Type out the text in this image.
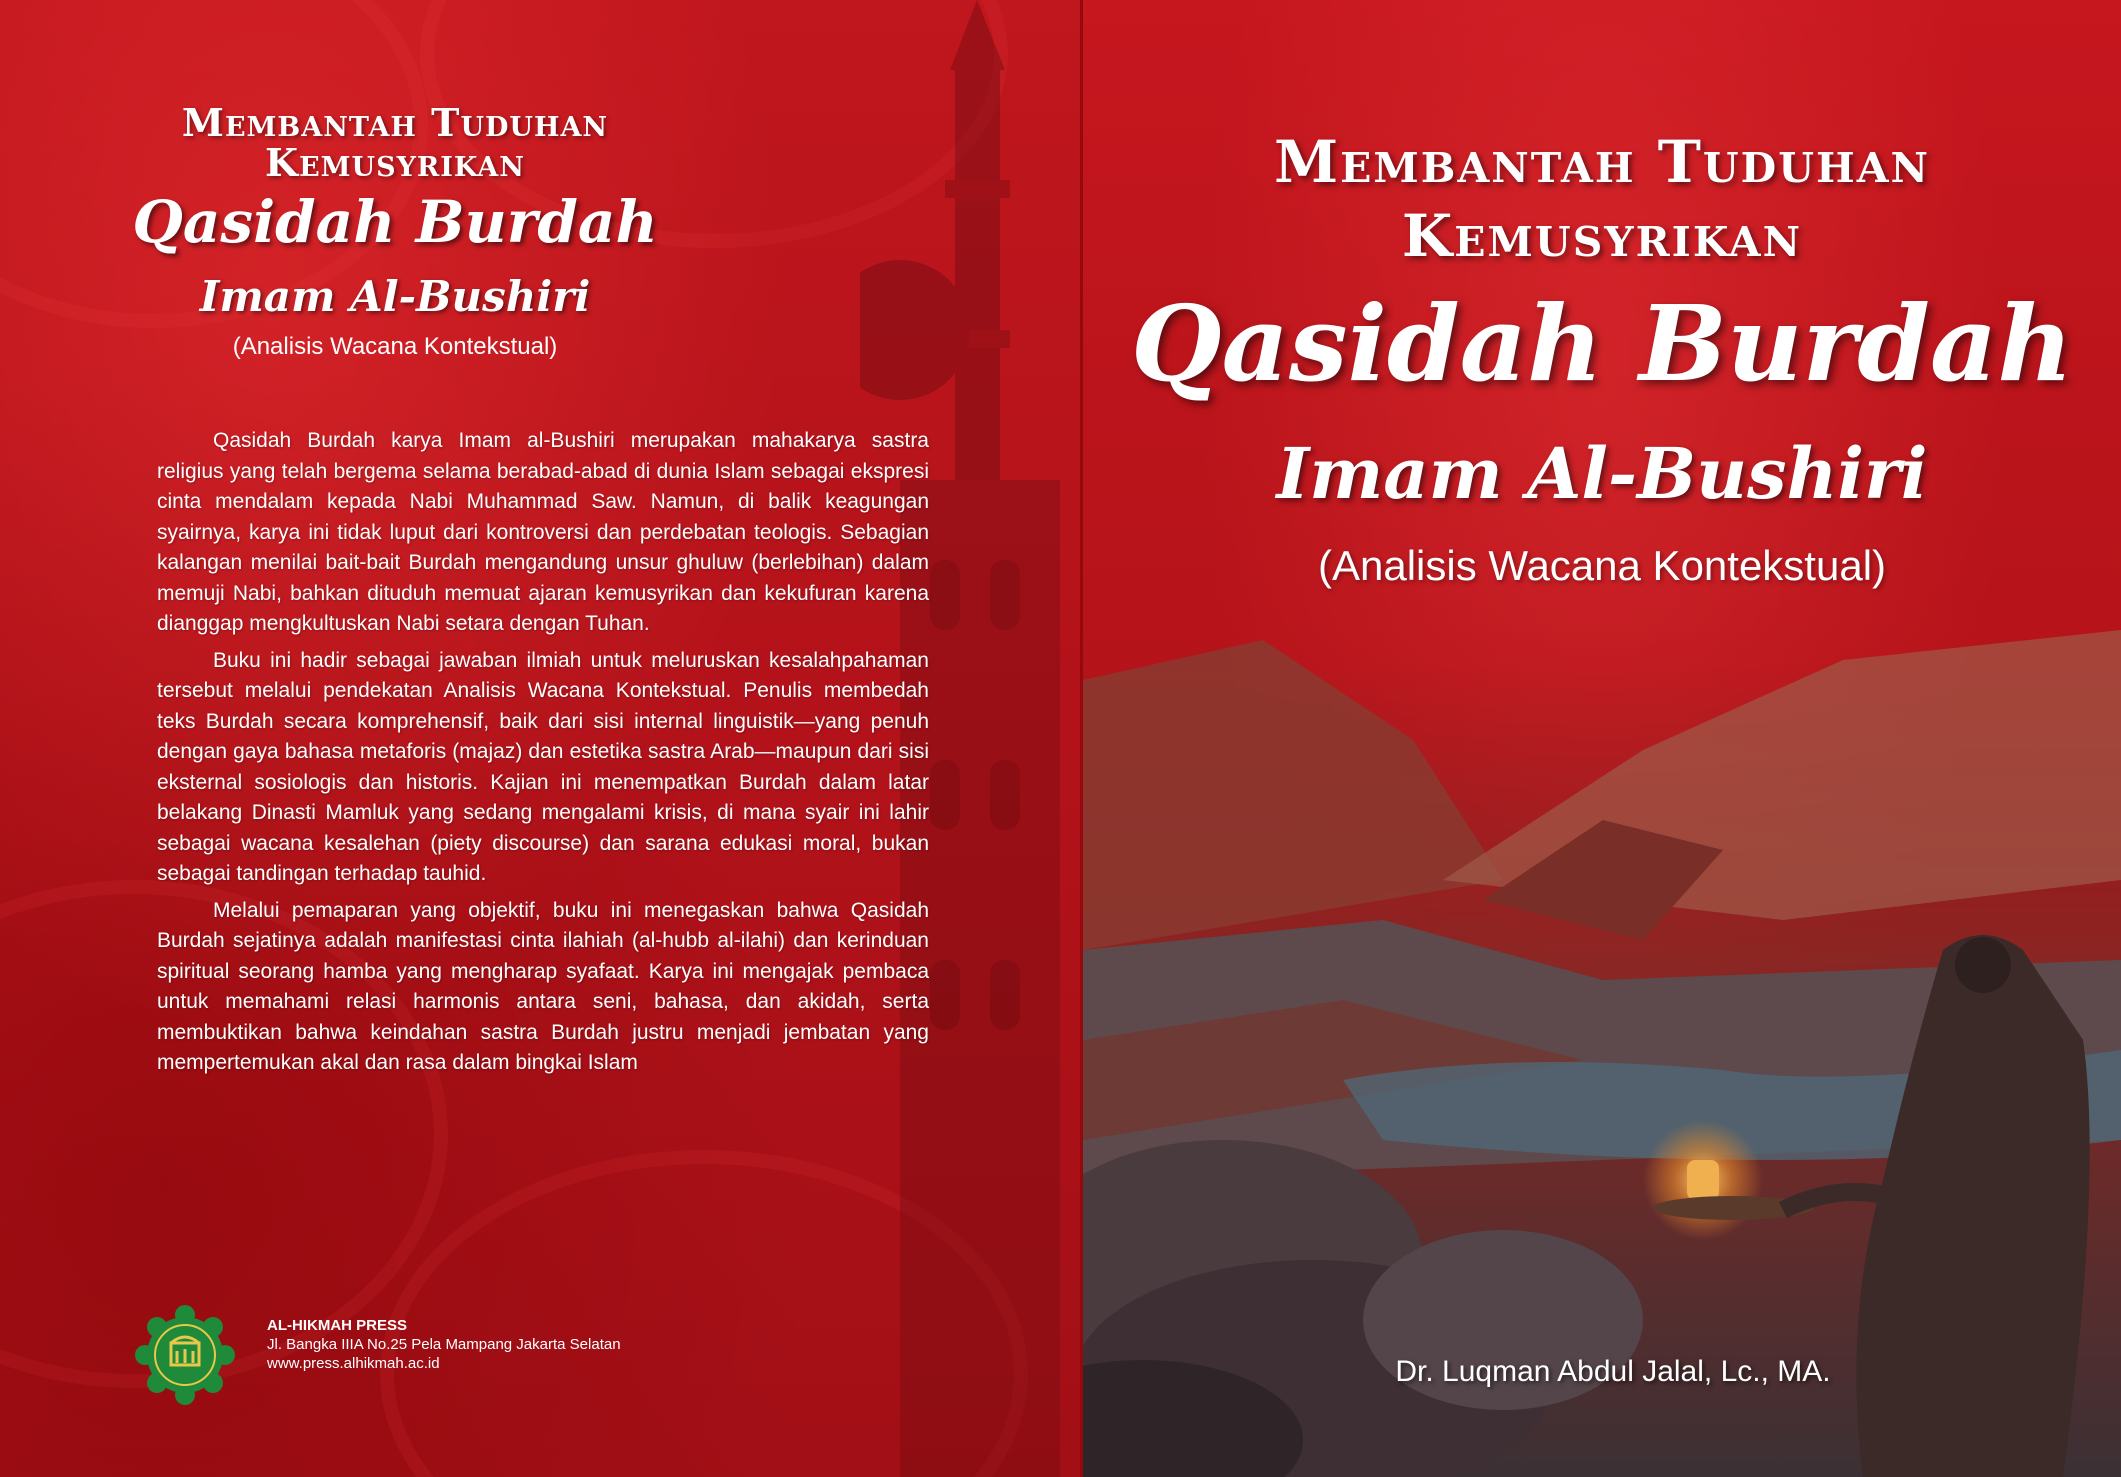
Membantah Tuduhan
Kemusyrikan
Qasidah Burdah
Imam Al-Bushiri
(Analisis Wacana Kontekstual)

Qasidah Burdah karya Imam al-Bushiri merupakan mahakarya sastra religius yang telah bergema selama berabad-abad di dunia Islam sebagai ekspresi cinta mendalam kepada Nabi Muhammad Saw. Namun, di balik keagungan syairnya, karya ini tidak luput dari kontroversi dan perdebatan teologis. Sebagian kalangan menilai bait-bait Burdah mengandung unsur ghuluw (berlebihan) dalam memuji Nabi, bahkan dituduh memuat ajaran kemusyrikan dan kekufuran karena dianggap mengkultuskan Nabi setara dengan Tuhan.

Buku ini hadir sebagai jawaban ilmiah untuk meluruskan kesalahpahaman tersebut melalui pendekatan Analisis Wacana Kontekstual. Penulis membedah teks Burdah secara komprehensif, baik dari sisi internal linguistik—yang penuh dengan gaya bahasa metaforis (majaz) dan estetika sastra Arab—maupun dari sisi eksternal sosiologis dan historis. Kajian ini menempatkan Burdah dalam latar belakang Dinasti Mamluk yang sedang mengalami krisis, di mana syair ini lahir sebagai wacana kesalehan (piety discourse) dan sarana edukasi moral, bukan sebagai tandingan terhadap tauhid.

Melalui pemaparan yang objektif, buku ini menegaskan bahwa Qasidah Burdah sejatinya adalah manifestasi cinta ilahiah (al-hubb al-ilahi) dan kerinduan spiritual seorang hamba yang mengharap syafaat. Karya ini mengajak pembaca untuk memahami relasi harmonis antara seni, bahasa, dan akidah, serta membuktikan bahwa keindahan sastra Burdah justru menjadi jembatan yang mempertemukan akal dan rasa dalam bingkai Islam

AL-HIKMAH PRESS
Jl. Bangka IIIA No.25 Pela Mampang Jakarta Selatan
www.press.alhikmah.ac.id
Membantah Tuduhan
Kemusyrikan
Qasidah Burdah
Imam Al-Bushiri
(Analisis Wacana Kontekstual)
Dr. Luqman Abdul Jalal, Lc., MA.
